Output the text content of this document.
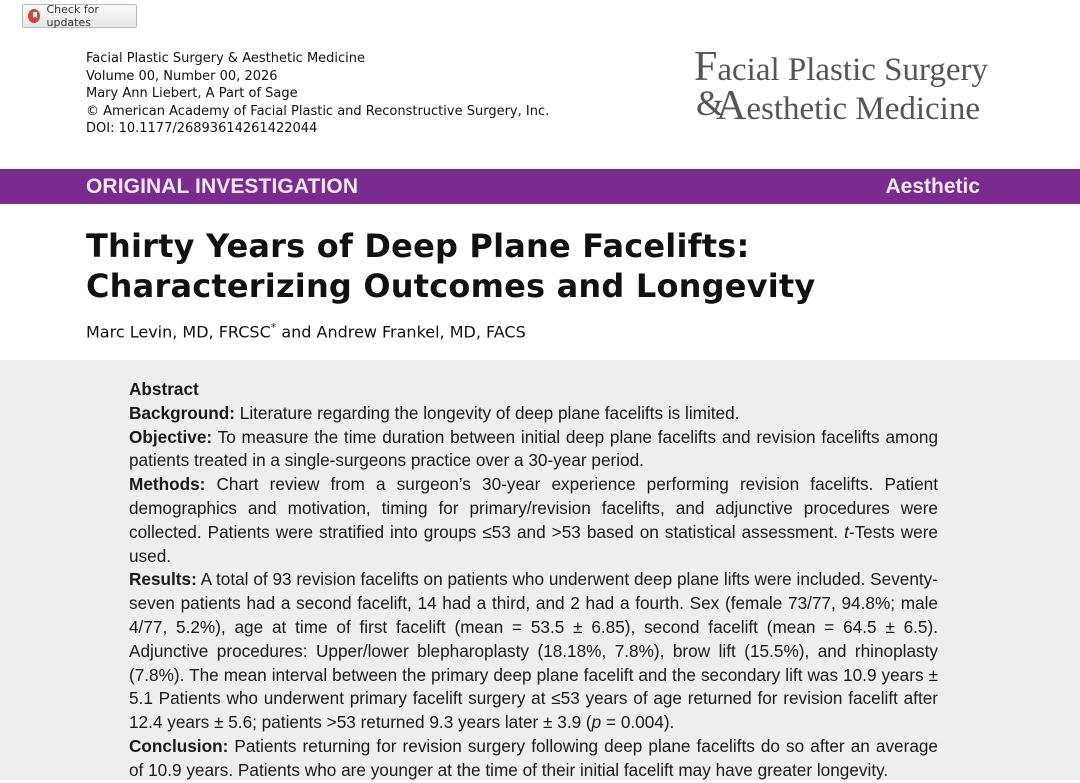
Check for updates
Facial Plastic Surgery & Aesthetic Medicine
Volume 00, Number 00, 2026
Mary Ann Liebert, A Part of Sage
© American Academy of Facial Plastic and Reconstructive Surgery, Inc.
DOI: 10.1177/26893614261422044
Facial Plastic Surgery
&
Aesthetic Medicine
ORIGINAL INVESTIGATION	Aesthetic
Thirty Years of Deep Plane Facelifts:
Characterizing Outcomes and Longevity
Marc Levin, MD, FRCSC* and Andrew Frankel, MD, FACS

Abstract

Background: Literature regarding the longevity of deep plane facelifts is limited.

Objective: To measure the time duration between initial deep plane facelifts and revision facelifts among patients treated in a single-surgeons practice over a 30-year period.

Methods: Chart review from a surgeon’s 30-year experience performing revision facelifts. Patient demographics and motivation, timing for primary/revision facelifts, and adjunctive procedures were collected. Patients were stratified into groups ≤53 and >53 based on statistical assessment. t-Tests were used.

Results: A total of 93 revision facelifts on patients who underwent deep plane lifts were included. Seventy-seven patients had a second facelift, 14 had a third, and 2 had a fourth. Sex (female 73/77, 94.8%; male 4/77, 5.2%), age at time of first facelift (mean = 53.5 ± 6.85), second facelift (mean = 64.5 ± 6.5). Adjunctive procedures: Upper/lower blepharoplasty (18.18%, 7.8%), brow lift (15.5%), and rhinoplasty (7.8%). The mean interval between the primary deep plane facelift and the secondary lift was 10.9 years ± 5.1 Patients who underwent primary facelift surgery at ≤53 years of age returned for revision facelift after 12.4 years ± 5.6; patients >53 returned 9.3 years later ± 3.9 (p = 0.004).

Conclusion: Patients returning for revision surgery following deep plane facelifts do so after an average of 10.9 years. Patients who are younger at the time of their initial facelift may have greater longevity.
